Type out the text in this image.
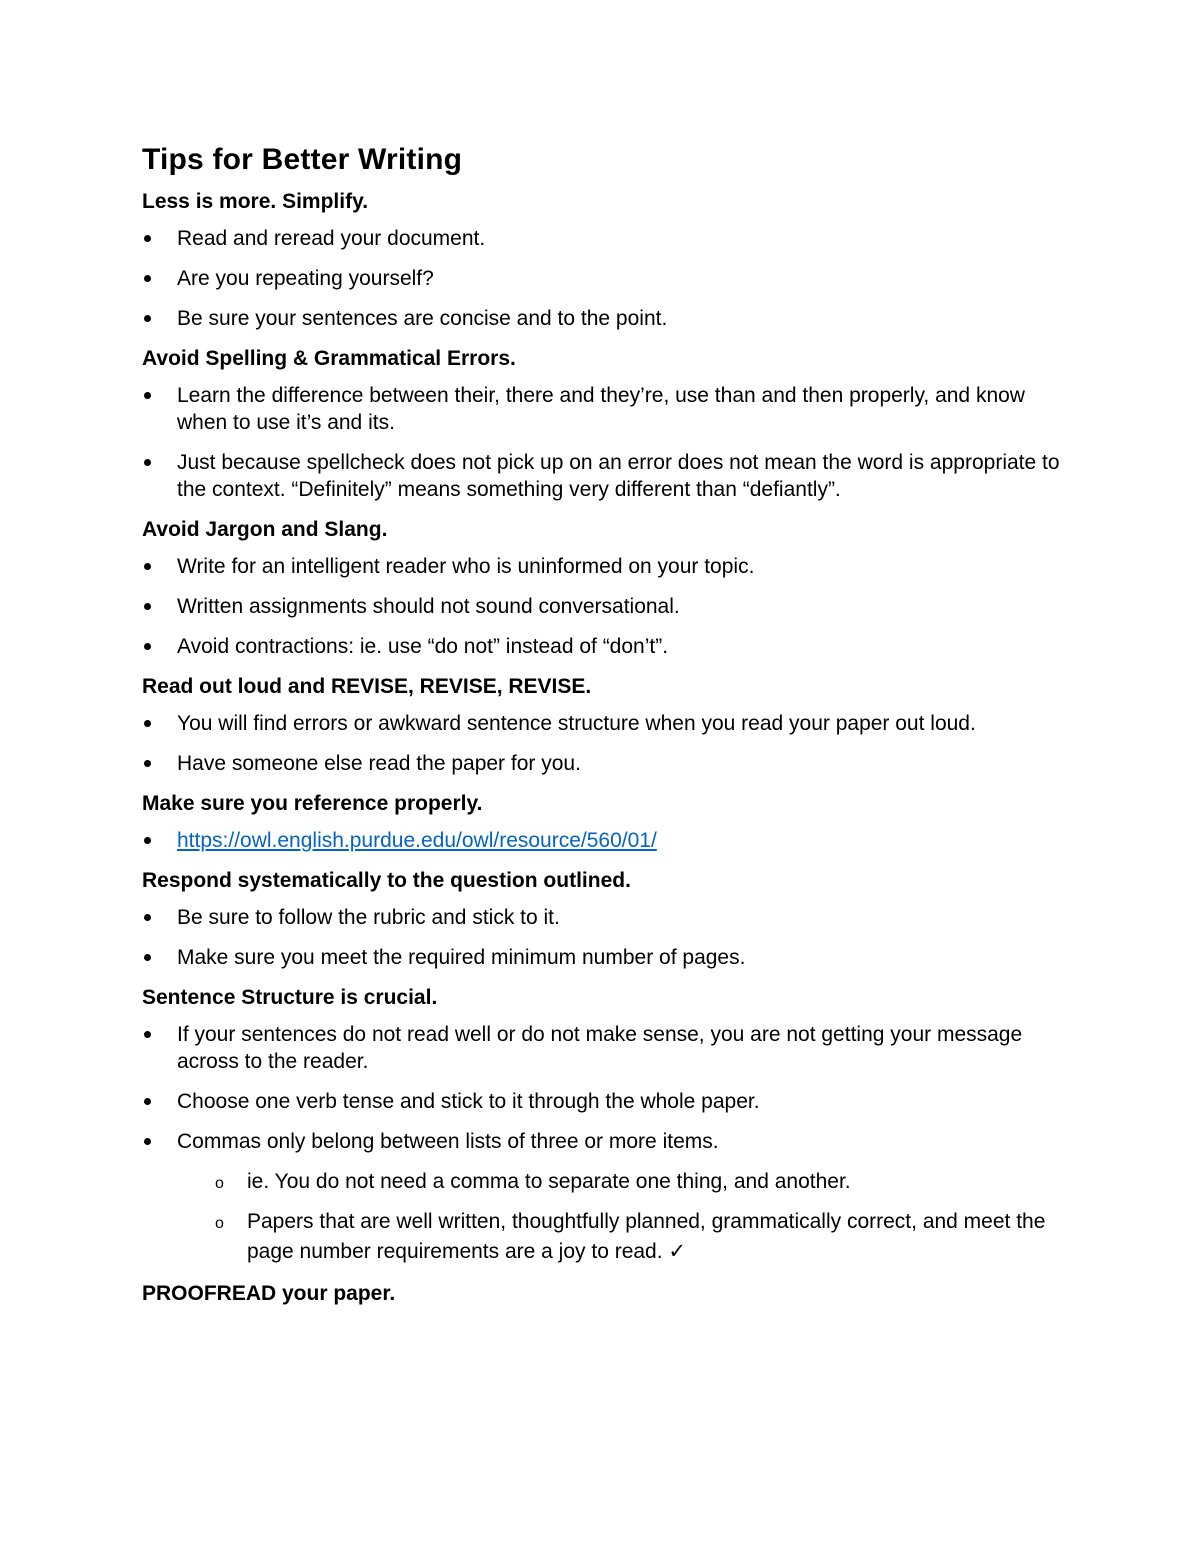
Tips for Better Writing

Less is more. Simplify.

Read and reread your document.
Are you repeating yourself?
Be sure your sentences are concise and to the point.

Avoid Spelling & Grammatical Errors.

Learn the difference between their, there and they’re, use than and then properly, and know when to use it’s and its.
Just because spellcheck does not pick up on an error does not mean the word is appropriate to the context. “Definitely” means something very different than “defiantly”.

Avoid Jargon and Slang.

Write for an intelligent reader who is uninformed on your topic.
Written assignments should not sound conversational.
Avoid contractions: ie. use “do not” instead of “don’t”.

Read out loud and REVISE, REVISE, REVISE.

You will find errors or awkward sentence structure when you read your paper out loud.
Have someone else read the paper for you.

Make sure you reference properly.

https://owl.english.purdue.edu/owl/resource/560/01/

Respond systematically to the question outlined.

Be sure to follow the rubric and stick to it.
Make sure you meet the required minimum number of pages.

Sentence Structure is crucial.

If your sentences do not read well or do not make sense, you are not getting your message across to the reader.
Choose one verb tense and stick to it through the whole paper.
Commas only belong between lists of three or more items.
o ie. You do not need a comma to separate one thing, and another.
o Papers that are well written, thoughtfully planned, grammatically correct, and meet the page number requirements are a joy to read. ✓

PROOFREAD your paper.
